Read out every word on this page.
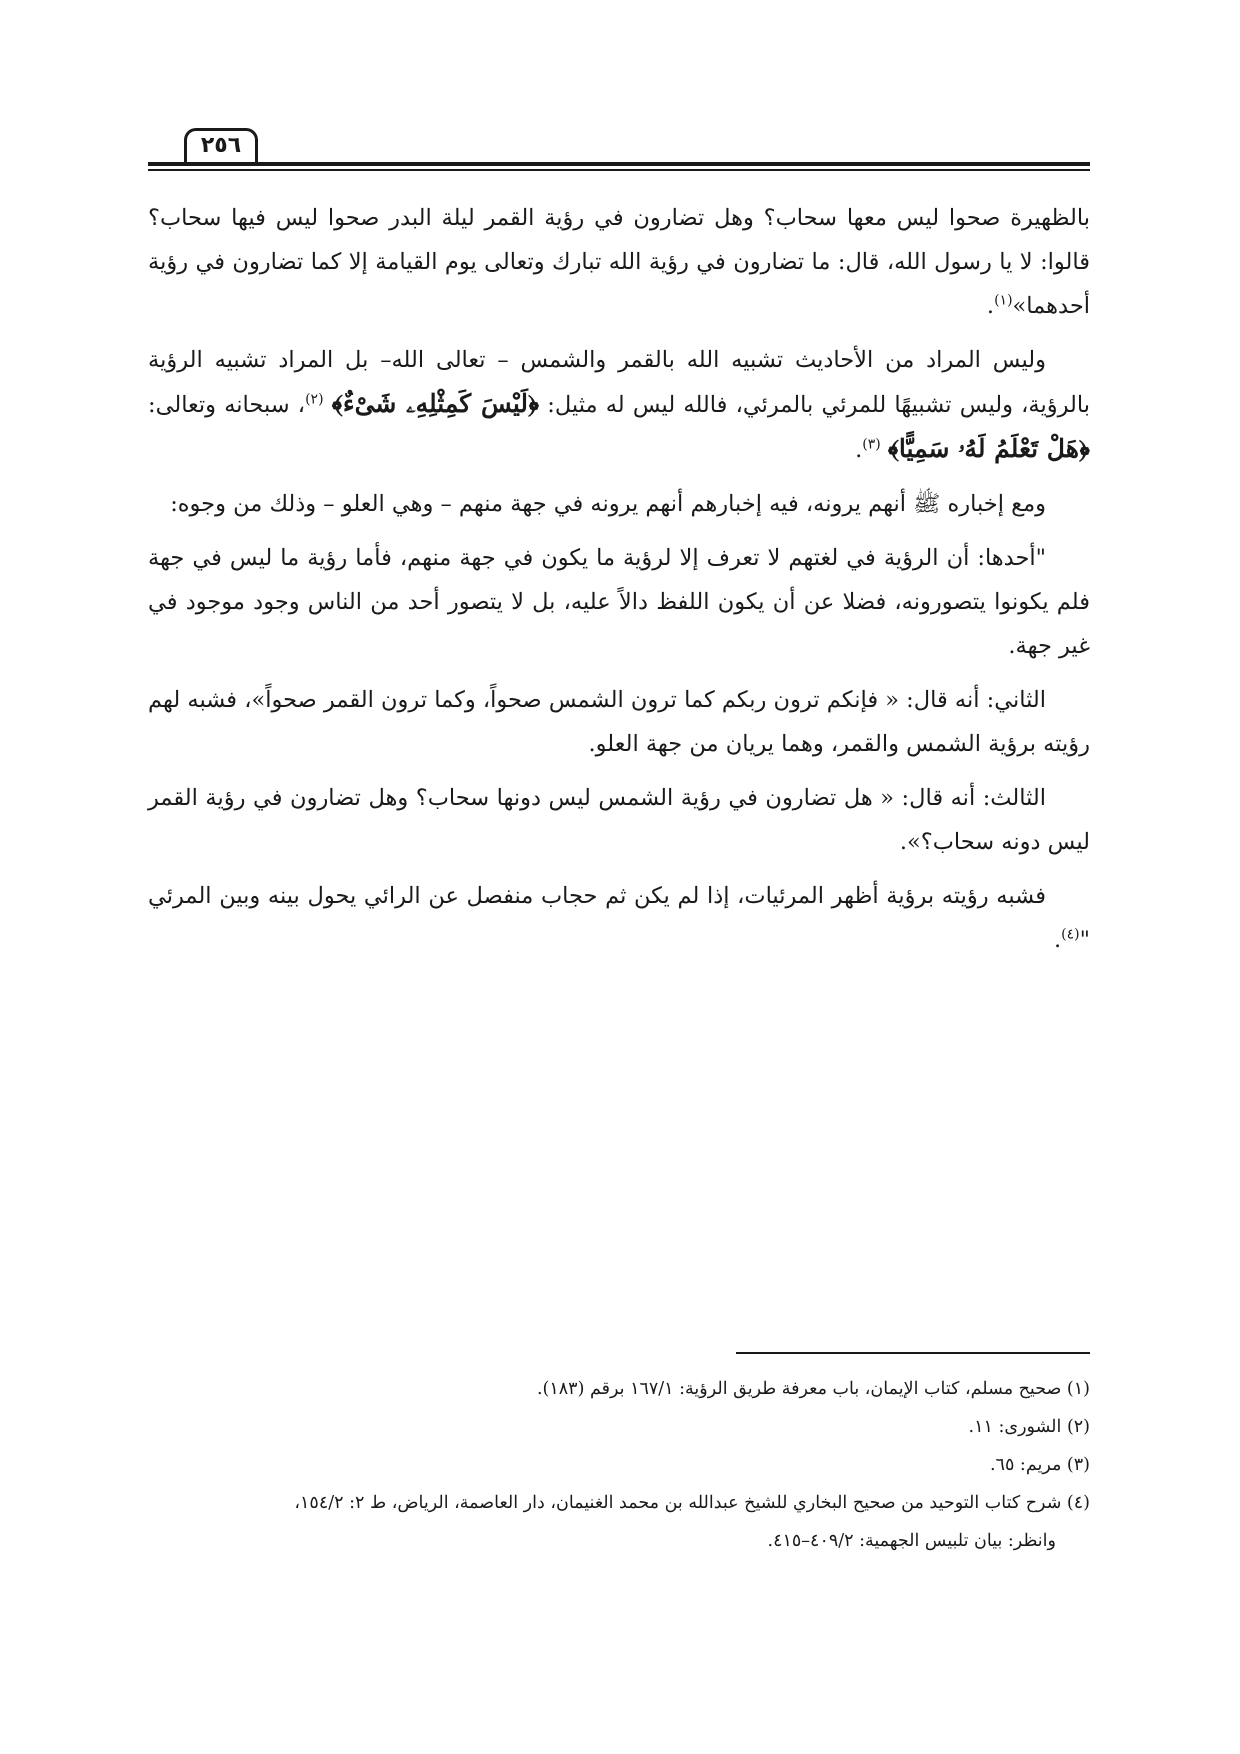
٢٥٦

بالظهيرة صحوا ليس معها سحاب؟ وهل تضارون في رؤية القمر ليلة البدر صحوا ليس فيها سحاب؟ قالوا: لا يا رسول الله، قال: ما تضارون في رؤية الله تبارك وتعالى يوم القيامة إلا كما تضارون في رؤية أحدهما»$^{(١)}$.

وليس المراد من الأحاديث تشبيه الله بالقمر والشمس – تعالى الله– بل المراد تشبيه الرؤية بالرؤية، وليس تشبيهًا للمرئي بالمرئي، فالله ليس له مثيل: ﴿لَيْسَ كَمِثْلِهِۦ شَىْءٌ﴾ $^{(٢)}$، سبحانه وتعالى: ﴿هَلْ تَعْلَمُ لَهُۥ سَمِيًّا﴾ $^{(٣)}$.

ومع إخباره ﷺ أنهم يرونه، فيه إخبارهم أنهم يرونه في جهة منهم – وهي العلو – وذلك من وجوه:

"أحدها: أن الرؤية في لغتهم لا تعرف إلا لرؤية ما يكون في جهة منهم، فأما رؤية ما ليس في جهة فلم يكونوا يتصورونه، فضلا عن أن يكون اللفظ دالاً عليه، بل لا يتصور أحد من الناس وجود موجود في غير جهة.

الثاني: أنه قال: « فإنكم ترون ربكم كما ترون الشمس صحواً، وكما ترون القمر صحواً»، فشبه لهم رؤيته برؤية الشمس والقمر، وهما يريان من جهة العلو.

الثالث: أنه قال: « هل تضارون في رؤية الشمس ليس دونها سحاب؟ وهل تضارون في رؤية القمر ليس دونه سحاب؟».

فشبه رؤيته برؤية أظهر المرئيات، إذا لم يكن ثم حجاب منفصل عن الرائي يحول بينه وبين المرئي "$^{(٤)}$.

(١) صحيح مسلم، كتاب الإيمان، باب معرفة طريق الرؤية: ١٦٧/١ برقم (١٨٣).

(٢) الشورى: ١١.

(٣) مريم: ٦٥.

(٤) شرح كتاب التوحيد من صحيح البخاري للشيخ عبدالله بن محمد الغنيمان، دار العاصمة، الرياض، ط ٢: ١٥٤/٢،

وانظر: بيان تلبيس الجهمية: ٤٠٩/٢–٤١٥.
